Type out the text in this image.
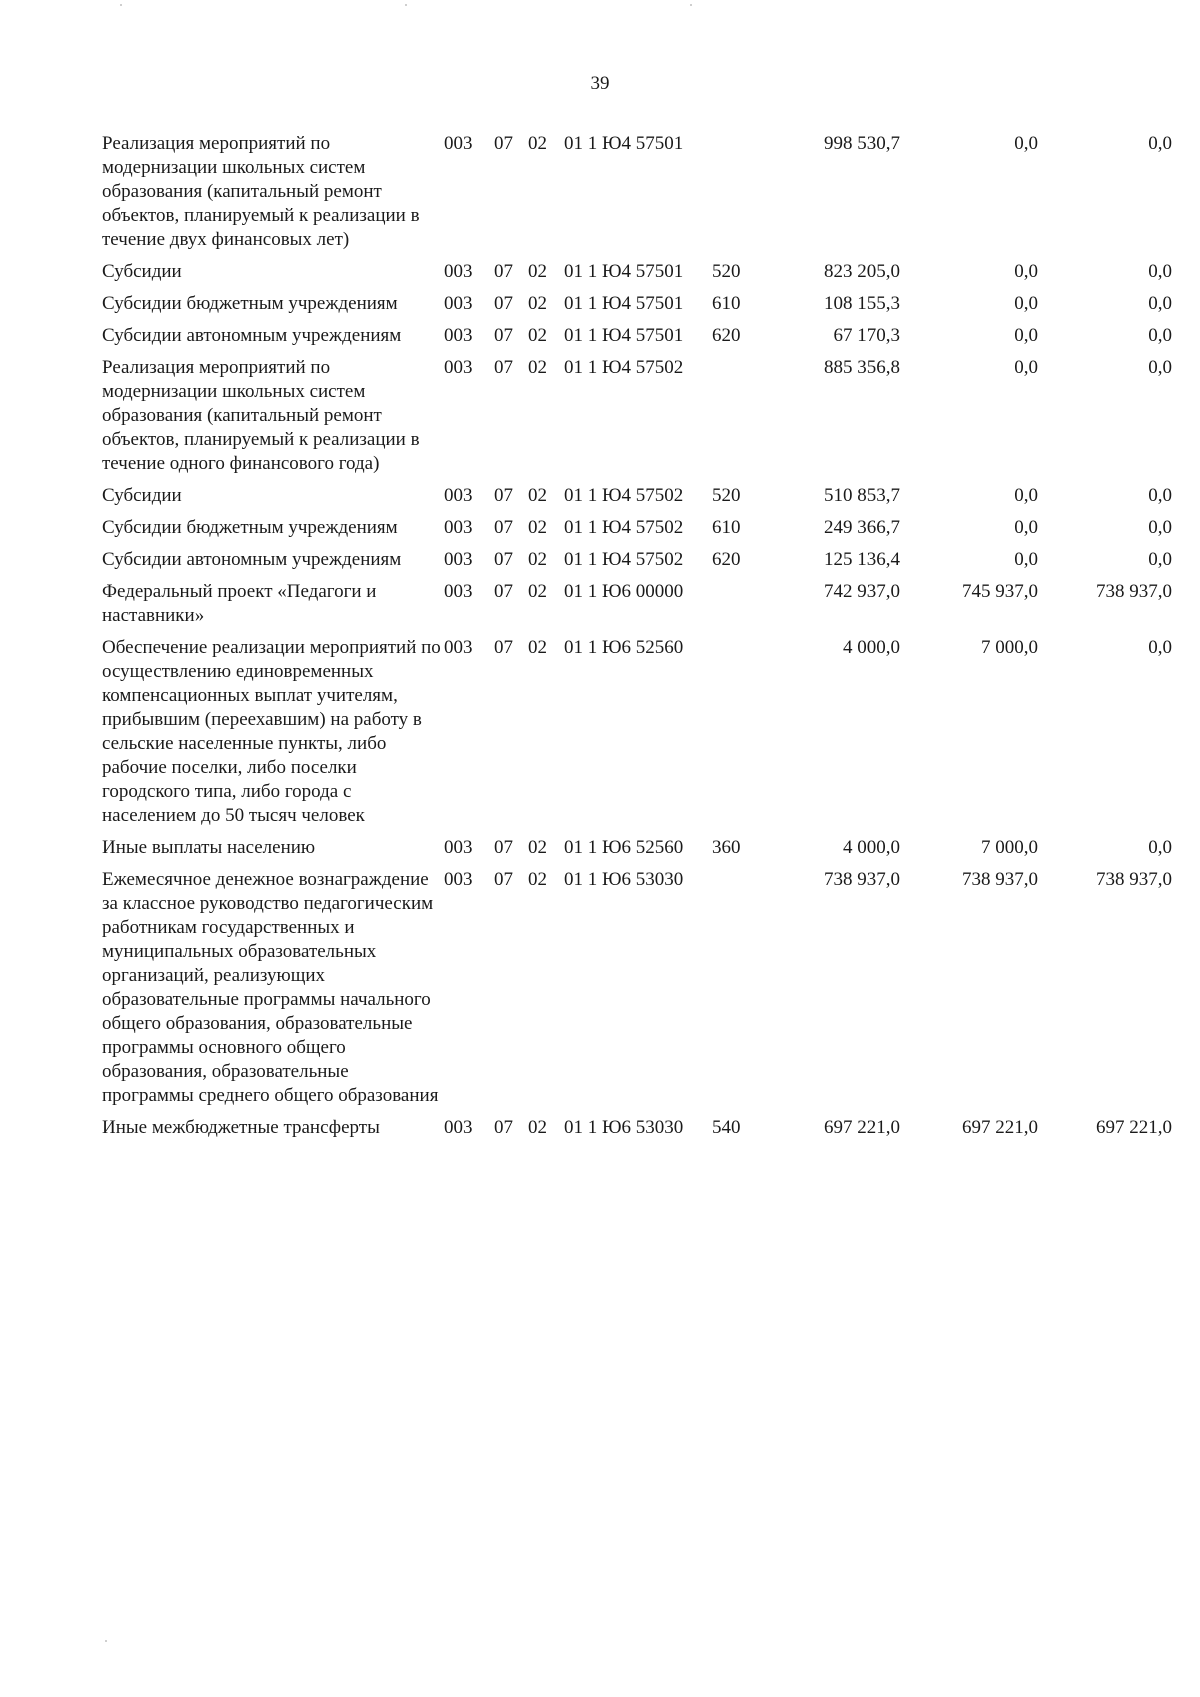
39
Реализация мероприятий по модернизации школьных систем образования (капитальный ремонт объектов, планируемый к реализации в течение двух финансовых лет)	003	07	02	01 1 Ю4 57501		998 530,7	0,0	0,0
Субсидии	003	07	02	01 1 Ю4 57501	520	823 205,0	0,0	0,0
Субсидии бюджетным учреждениям	003	07	02	01 1 Ю4 57501	610	108 155,3	0,0	0,0
Субсидии автономным учреждениям	003	07	02	01 1 Ю4 57501	620	67 170,3	0,0	0,0
Реализация мероприятий по модернизации школьных систем образования (капитальный ремонт объектов, планируемый к реализации в течение одного финансового года)	003	07	02	01 1 Ю4 57502		885 356,8	0,0	0,0
Субсидии	003	07	02	01 1 Ю4 57502	520	510 853,7	0,0	0,0
Субсидии бюджетным учреждениям	003	07	02	01 1 Ю4 57502	610	249 366,7	0,0	0,0
Субсидии автономным учреждениям	003	07	02	01 1 Ю4 57502	620	125 136,4	0,0	0,0
Федеральный проект «Педагоги и наставники»	003	07	02	01 1 Ю6 00000		742 937,0	745 937,0	738 937,0
Обеспечение реализации мероприятий по осуществлению единовременных компенсационных выплат учителям, прибывшим (переехавшим) на работу в сельские населенные пункты, либо рабочие поселки, либо поселки городского типа, либо города с населением до 50 тысяч человек	003	07	02	01 1 Ю6 52560		4 000,0	7 000,0	0,0
Иные выплаты населению	003	07	02	01 1 Ю6 52560	360	4 000,0	7 000,0	0,0
Ежемесячное денежное вознаграждение за классное руководство педагогическим работникам государственных и муниципальных образовательных организаций, реализующих образовательные программы начального общего образования, образовательные программы основного общего образования, образовательные программы среднего общего образования	003	07	02	01 1 Ю6 53030		738 937,0	738 937,0	738 937,0
Иные межбюджетные трансферты	003	07	02	01 1 Ю6 53030	540	697 221,0	697 221,0	697 221,0
